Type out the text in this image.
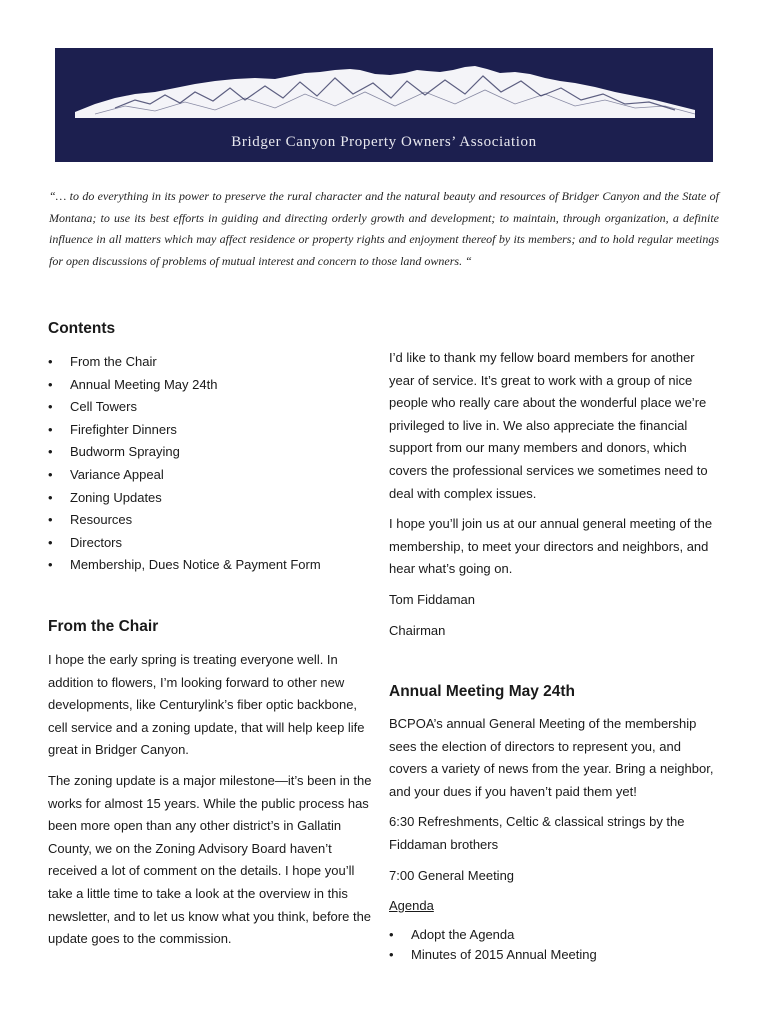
Bridger Canyon Property Owners’ Association
“… to do everything in its power to preserve the rural character and the natural beauty and resources of Bridger Canyon and the State of Montana; to use its best efforts in guiding and directing orderly growth and development; to maintain, through organization, a definite influence in all matters which may affect residence or property rights and enjoyment thereof by its members; and to hold regular meetings for open discussions of problems of mutual interest and concern to those land owners. “
Contents
• From the Chair
• Annual Meeting May 24th
• Cell Towers
• Firefighter Dinners
• Budworm Spraying
• Variance Appeal
• Zoning Updates
• Resources
• Directors
• Membership, Dues Notice & Payment Form
From the Chair

I hope the early spring is treating everyone well. In addition to flowers, I’m looking forward to other new developments, like Centurylink’s fiber optic backbone, cell service and a zoning update, that will help keep life great in Bridger Canyon.

The zoning update is a major milestone—it’s been in the works for almost 15 years. While the public process has been more open than any other district’s in Gallatin County, we on the Zoning Advisory Board haven’t received a lot of comment on the details. I hope you’ll take a little time to take a look at the overview in this newsletter, and to let us know what you think, before the update goes to the commission.

I’d like to thank my fellow board members for another year of service. It’s great to work with a group of nice people who really care about the wonderful place we’re privileged to live in. We also appreciate the financial support from our many members and donors, which covers the professional services we sometimes need to deal with complex issues.

I hope you’ll join us at our annual general meeting of the membership, to meet your directors and neighbors, and hear what’s going on.

Tom Fiddaman

Chairman

Annual Meeting May 24th

BCPOA’s annual General Meeting of the membership sees the election of directors to represent you, and covers a variety of news from the year. Bring a neighbor, and your dues if you haven’t paid them yet!

6:30 Refreshments, Celtic & classical strings by the Fiddaman brothers

7:00 General Meeting

Agenda

• Adopt the Agenda
• Minutes of 2015 Annual Meeting
